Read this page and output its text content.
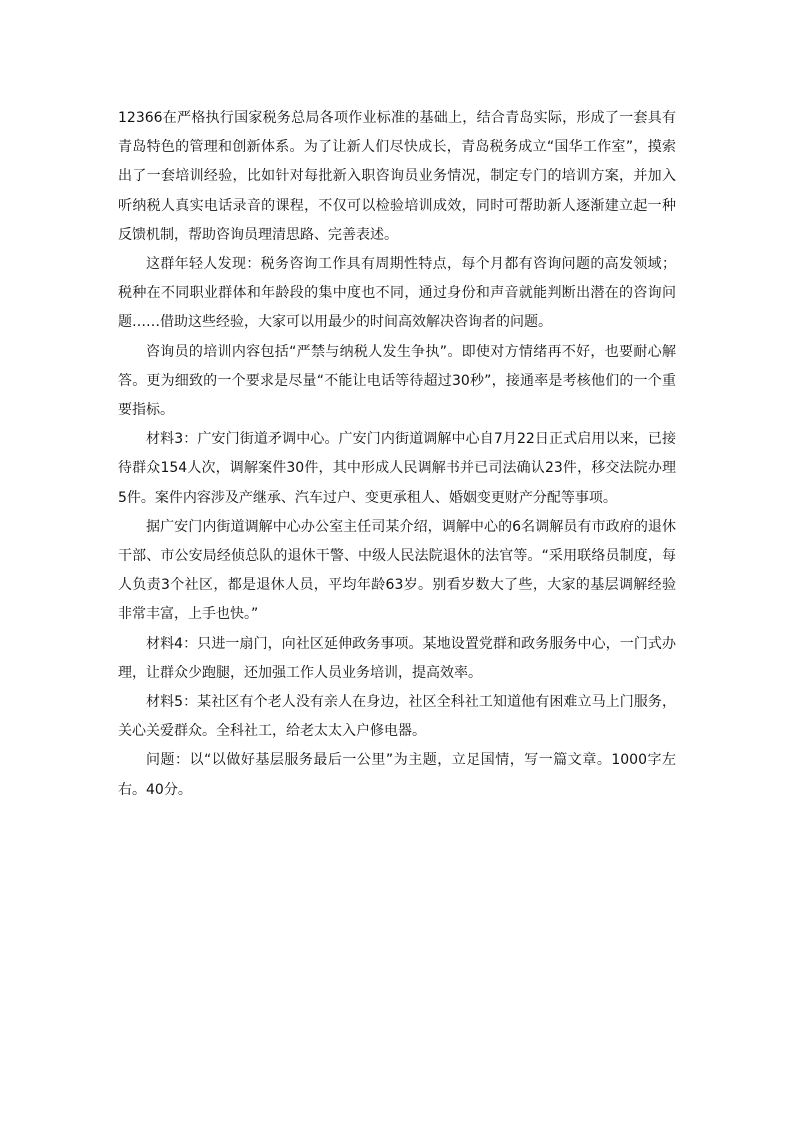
12366在严格执行国家税务总局各项作业标准的基础上，结合青岛实际，形成了一套具有青岛特色的管理和创新体系。为了让新人们尽快成长，青岛税务成立“国华工作室”，摸索出了一套培训经验，比如针对每批新入职咨询员业务情况，制定专门的培训方案，并加入听纳税人真实电话录音的课程，不仅可以检验培训成效，同时可帮助新人逐渐建立起一种反馈机制，帮助咨询员理清思路、完善表述。

这群年轻人发现：税务咨询工作具有周期性特点，每个月都有咨询问题的高发领域；税种在不同职业群体和年龄段的集中度也不同，通过身份和声音就能判断出潜在的咨询问题……借助这些经验，大家可以用最少的时间高效解决咨询者的问题。

咨询员的培训内容包括“严禁与纳税人发生争执”。即使对方情绪再不好，也要耐心解答。更为细致的一个要求是尽量“不能让电话等待超过30秒”，接通率是考核他们的一个重要指标。

材料3：广安门街道矛调中心。广安门内街道调解中心自7月22日正式启用以来，已接待群众154人次，调解案件30件，其中形成人民调解书并已司法确认23件，移交法院办理5件。案件内容涉及产继承、汽车过户、变更承租人、婚姻变更财产分配等事项。

据广安门内街道调解中心办公室主任司某介绍，调解中心的6名调解员有市政府的退休干部、市公安局经侦总队的退休干警、中级人民法院退休的法官等。“采用联络员制度，每人负责3个社区，都是退休人员，平均年龄63岁。别看岁数大了些，大家的基层调解经验非常丰富，上手也快。”

材料4：只进一扇门，向社区延伸政务事项。某地设置党群和政务服务中心，一门式办理，让群众少跑腿，还加强工作人员业务培训，提高效率。

材料5：某社区有个老人没有亲人在身边，社区全科社工知道他有困难立马上门服务，关心关爱群众。全科社工，给老太太入户修电器。

问题：以“以做好基层服务最后一公里”为主题，立足国情，写一篇文章。1000字左右。40分。
